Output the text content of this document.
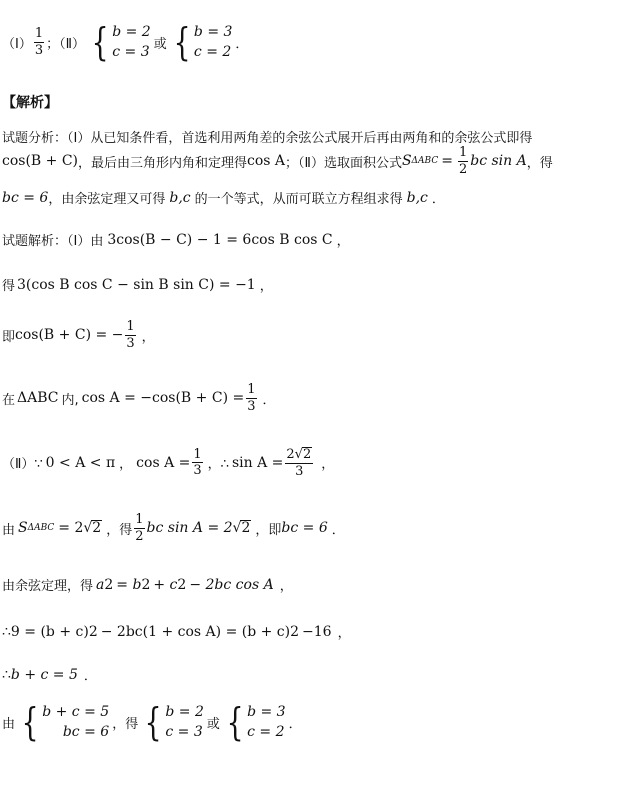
（Ⅰ） $\frac{1}{3}$ ；（Ⅱ） { b = 2
c = 3 或 { b = 3
c = 2 ．
【解析】
试题分析：（Ⅰ）从已知条件看，首选利用两角差的余弦公式展开后再由两角和的余弦公式即得
cos(B + C) ，最后由三角形内角和定理得 cos A ；（Ⅱ）选取面积公式 S $\Delta ABC = \frac{1}{2}$ bc sin A ，得
bc = 6 ，由余弦定理又可得 b,c 的一个等式，从而可联立方程组求得 b,c ．
试题解析：（Ⅰ）由 3cos(B − C) − 1 = 6cos B cos C ，
得 3(cos B cos C − sin B sin C) = −1 ，
即 cos(B + C) = − $\frac{1}{3}$ ，
在 ΔABC 内, $\cos A = -\cos(B + C) = \frac{1}{3}$ ．
（Ⅱ）∵ 0 < A < π ， $\cos A = \frac{1}{3}$ ，∴ $\sin A = \frac{2√2}{3}$ ，
由 S ΔABC = 2 √ 2 ，得 $\frac{1}{2}$ bc sin A = 2 √ 2 ，即 bc = 6 ．
由余弦定理，得 a 2 = b 2 + c 2 − 2bc cos A ，
∴ 9 = (b + c) 2 − 2bc(1 + cos A) = (b + c) 2 −16 ，
∴ b + c = 5 ．
由 { b + c = 5
bc = 6 ，得 { b = 2
c = 3 或 { b = 3
c = 2 ．
